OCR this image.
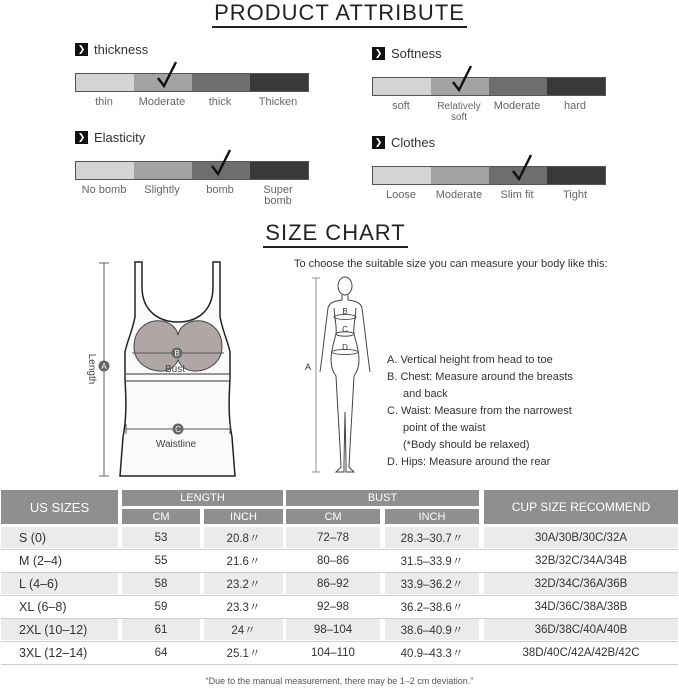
PRODUCT ATTRIBUTE
❯ thickness
thin	Moderate	thick	Thicken
❯ Softness
soft	Relatively soft
Moderate	hard
❯ Elasticity
No bomb	Slightly	bomb	Super bomb
❯ Clothes
Loose	Moderate	Slim fit	Tight
SIZE CHART
A
B
C
Length	Bust
Waistline
To choose the suitable size you can measure your body like this:
B
C
D
A
A. Vertical height from head to toe
B. Chest: Measure around the breasts
and back
C. Waist: Measure from the narrowest
point of the waist
(*Body should be relaxed)
D. Hips: Measure around the rear
US SIZES
LENGTH
CM	INCH
BUST
CM	INCH
CUP SIZE RECOMMEND
S (0)	53	20.8〃	72–78	28.3–30.7〃	30A/30B/30C/32A
M (2–4)	55	21.6〃	80–86	31.5–33.9〃	32B/32C/34A/34B
L (4–6)	58	23.2〃	86–92	33.9–36.2〃	32D/34C/36A/36B
XL (6–8)	59	23.3〃	92–98	36.2–38.6〃	34D/36C/38A/38B
2XL (10–12)	61	24〃	98–104	38.6–40.9〃	36D/38C/40A/40B
3XL (12–14)	64	25.1〃	104–110	40.9–43.3〃	38D/40C/42A/42B/42C
“Due to the manual measurement, there may be 1–2 cm deviation.”
